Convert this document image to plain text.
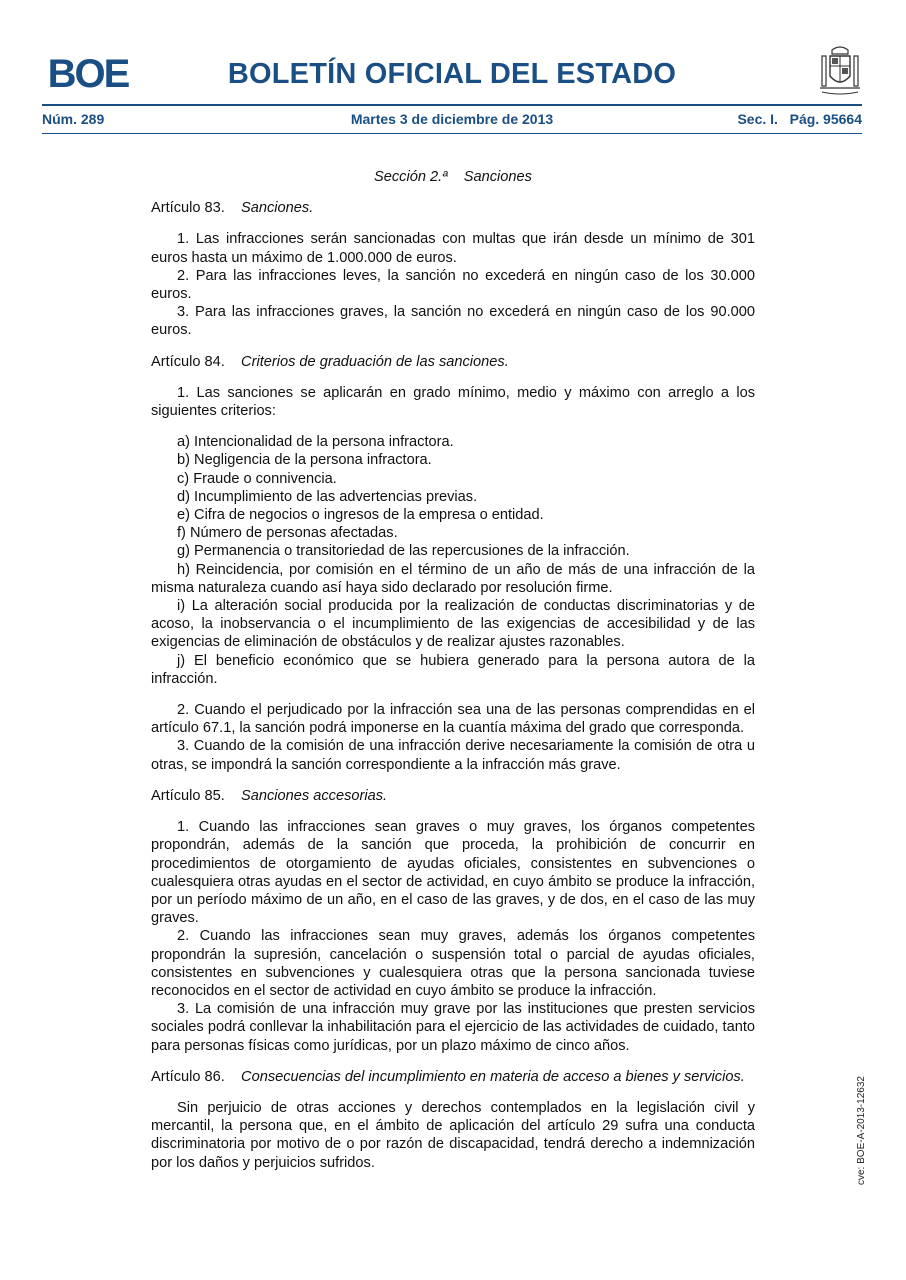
BOE	BOLETÍN OFICIAL DEL ESTADO
Núm. 289	Martes 3 de diciembre de 2013	Sec. I.   Pág. 95664
Sección 2.ª    Sanciones
Artículo 83. Sanciones.

1. Las infracciones serán sancionadas con multas que irán desde un mínimo de 301 euros hasta un máximo de 1.000.000 de euros.

2. Para las infracciones leves, la sanción no excederá en ningún caso de los 30.000 euros.

3. Para las infracciones graves, la sanción no excederá en ningún caso de los 90.000 euros.

Artículo 84. Criterios de graduación de las sanciones.

1. Las sanciones se aplicarán en grado mínimo, medio y máximo con arreglo a los siguientes criterios:

a) Intencionalidad de la persona infractora.

b) Negligencia de la persona infractora.

c) Fraude o connivencia.

d) Incumplimiento de las advertencias previas.

e) Cifra de negocios o ingresos de la empresa o entidad.

f) Número de personas afectadas.

g) Permanencia o transitoriedad de las repercusiones de la infracción.

h) Reincidencia, por comisión en el término de un año de más de una infracción de la misma naturaleza cuando así haya sido declarado por resolución firme.

i) La alteración social producida por la realización de conductas discriminatorias y de acoso, la inobservancia o el incumplimiento de las exigencias de accesibilidad y de las exigencias de eliminación de obstáculos y de realizar ajustes razonables.

j) El beneficio económico que se hubiera generado para la persona autora de la infracción.

2. Cuando el perjudicado por la infracción sea una de las personas comprendidas en el artículo 67.1, la sanción podrá imponerse en la cuantía máxima del grado que corresponda.

3. Cuando de la comisión de una infracción derive necesariamente la comisión de otra u otras, se impondrá la sanción correspondiente a la infracción más grave.

Artículo 85. Sanciones accesorias.

1. Cuando las infracciones sean graves o muy graves, los órganos competentes propondrán, además de la sanción que proceda, la prohibición de concurrir en procedimientos de otorgamiento de ayudas oficiales, consistentes en subvenciones o cualesquiera otras ayudas en el sector de actividad, en cuyo ámbito se produce la infracción, por un período máximo de un año, en el caso de las graves, y de dos, en el caso de las muy graves.

2. Cuando las infracciones sean muy graves, además los órganos competentes propondrán la supresión, cancelación o suspensión total o parcial de ayudas oficiales, consistentes en subvenciones y cualesquiera otras que la persona sancionada tuviese reconocidos en el sector de actividad en cuyo ámbito se produce la infracción.

3. La comisión de una infracción muy grave por las instituciones que presten servicios sociales podrá conllevar la inhabilitación para el ejercicio de las actividades de cuidado, tanto para personas físicas como jurídicas, por un plazo máximo de cinco años.

Artículo 86. Consecuencias del incumplimiento en materia de acceso a bienes y servicios.

Sin perjuicio de otras acciones y derechos contemplados en la legislación civil y mercantil, la persona que, en el ámbito de aplicación del artículo 29 sufra una conducta discriminatoria por motivo de o por razón de discapacidad, tendrá derecho a indemnización por los daños y perjuicios sufridos.	cve: BOE-A-2013-12632
